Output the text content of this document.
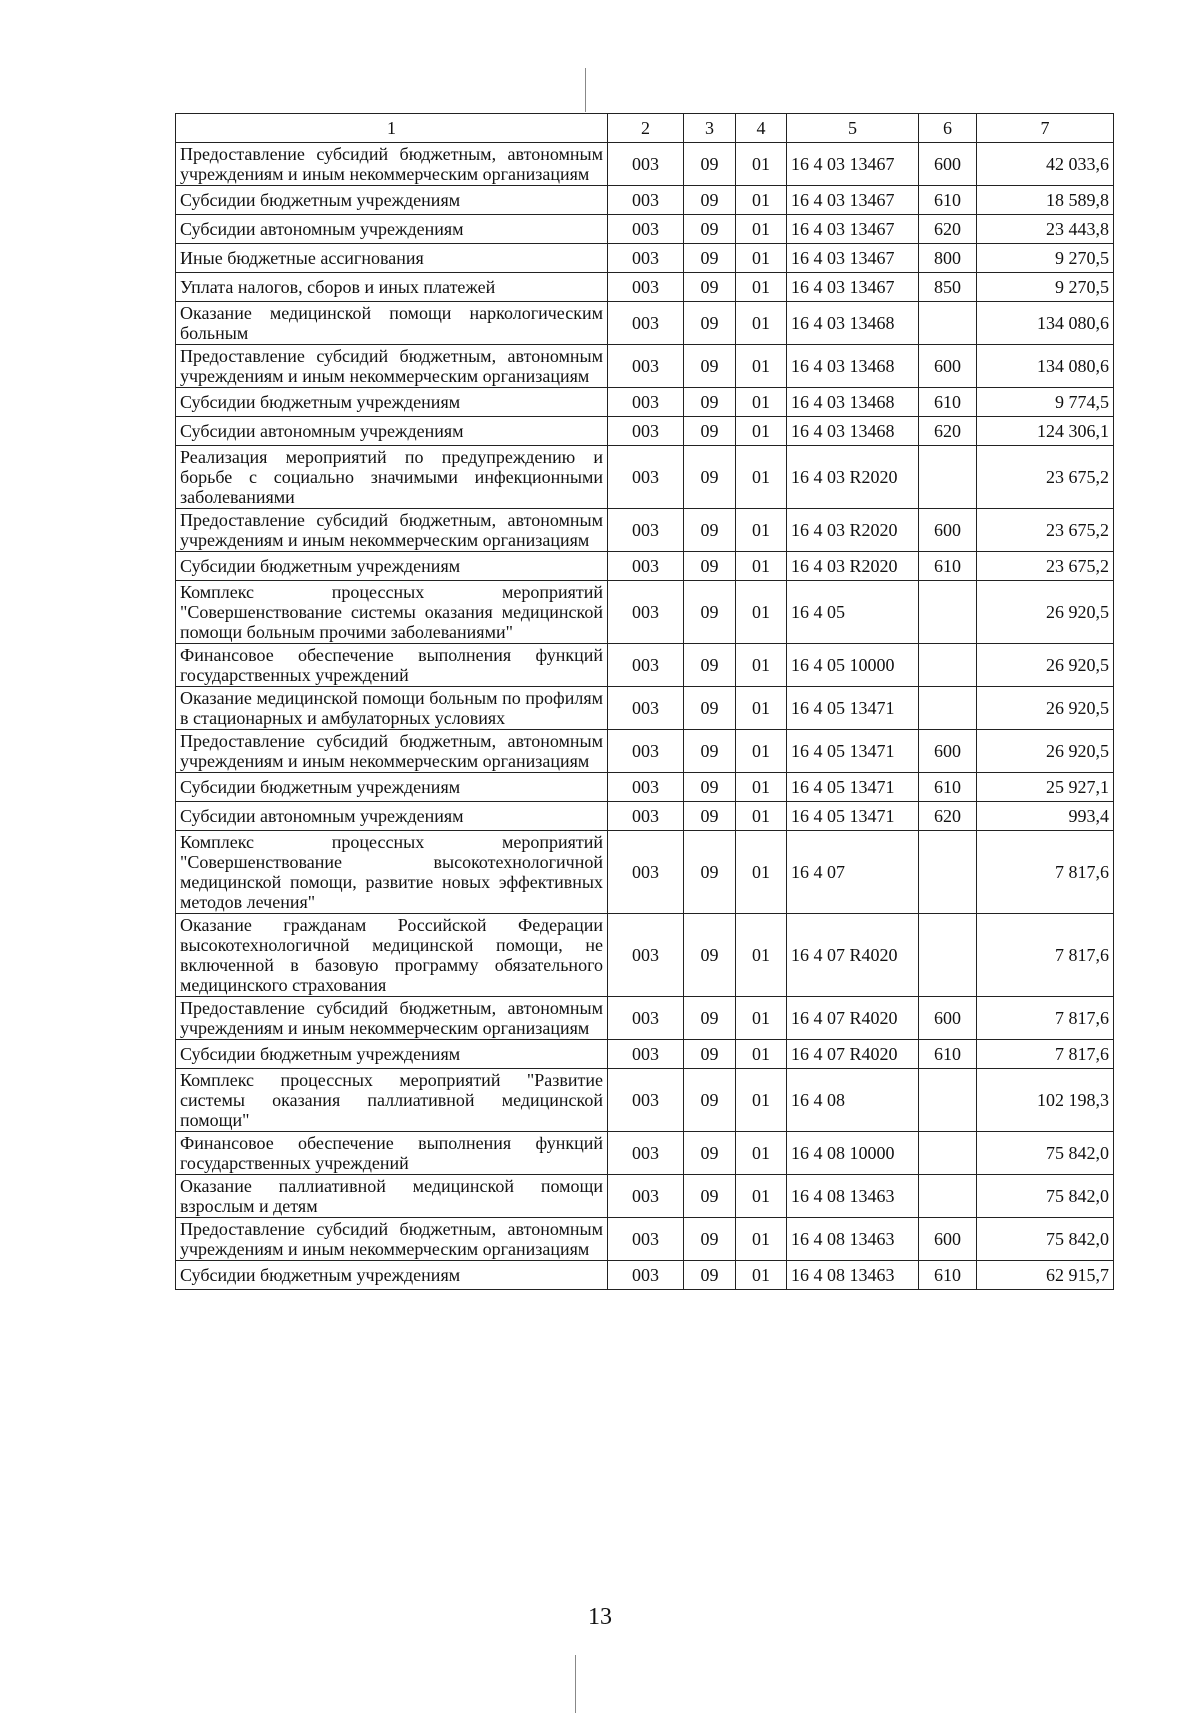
1	2	3	4	5	6	7
Предоставление субсидий бюджетным, автономным учреждениям и иным некоммерческим организациям	003	09	01	16 4 03 13467	600	42 033,6
Субсидии бюджетным учреждениям	003	09	01	16 4 03 13467	610	18 589,8
Субсидии автономным учреждениям	003	09	01	16 4 03 13467	620	23 443,8
Иные бюджетные ассигнования	003	09	01	16 4 03 13467	800	9 270,5
Уплата налогов, сборов и иных платежей	003	09	01	16 4 03 13467	850	9 270,5
Оказание медицинской помощи наркологическим больным	003	09	01	16 4 03 13468		134 080,6
Предоставление субсидий бюджетным, автономным учреждениям и иным некоммерческим организациям	003	09	01	16 4 03 13468	600	134 080,6
Субсидии бюджетным учреждениям	003	09	01	16 4 03 13468	610	9 774,5
Субсидии автономным учреждениям	003	09	01	16 4 03 13468	620	124 306,1
Реализация мероприятий по предупреждению и борьбе с социально значимыми инфекционными заболеваниями	003	09	01	16 4 03 R2020		23 675,2
Предоставление субсидий бюджетным, автономным учреждениям и иным некоммерческим организациям	003	09	01	16 4 03 R2020	600	23 675,2
Субсидии бюджетным учреждениям	003	09	01	16 4 03 R2020	610	23 675,2
Комплекс процессных мероприятий "Совершенствование системы оказания медицинской помощи больным прочими заболеваниями"	003	09	01	16 4 05		26 920,5
Финансовое обеспечение выполнения функций государственных учреждений	003	09	01	16 4 05 10000		26 920,5
Оказание медицинской помощи больным по профилям в стационарных и амбулаторных условиях	003	09	01	16 4 05 13471		26 920,5
Предоставление субсидий бюджетным, автономным учреждениям и иным некоммерческим организациям	003	09	01	16 4 05 13471	600	26 920,5
Субсидии бюджетным учреждениям	003	09	01	16 4 05 13471	610	25 927,1
Субсидии автономным учреждениям	003	09	01	16 4 05 13471	620	993,4
Комплекс процессных мероприятий "Совершенствование высокотехнологичной медицинской помощи, развитие новых эффективных методов лечения"	003	09	01	16 4 07		7 817,6
Оказание гражданам Российской Федерации высокотехнологичной медицинской помощи, не включенной в базовую программу обязательного медицинского страхования	003	09	01	16 4 07 R4020		7 817,6
Предоставление субсидий бюджетным, автономным учреждениям и иным некоммерческим организациям	003	09	01	16 4 07 R4020	600	7 817,6
Субсидии бюджетным учреждениям	003	09	01	16 4 07 R4020	610	7 817,6
Комплекс процессных мероприятий "Развитие системы оказания паллиативной медицинской помощи"	003	09	01	16 4 08		102 198,3
Финансовое обеспечение выполнения функций государственных учреждений	003	09	01	16 4 08 10000		75 842,0
Оказание паллиативной медицинской помощи взрослым и детям	003	09	01	16 4 08 13463		75 842,0
Предоставление субсидий бюджетным, автономным учреждениям и иным некоммерческим организациям	003	09	01	16 4 08 13463	600	75 842,0
Субсидии бюджетным учреждениям	003	09	01	16 4 08 13463	610	62 915,7
13
